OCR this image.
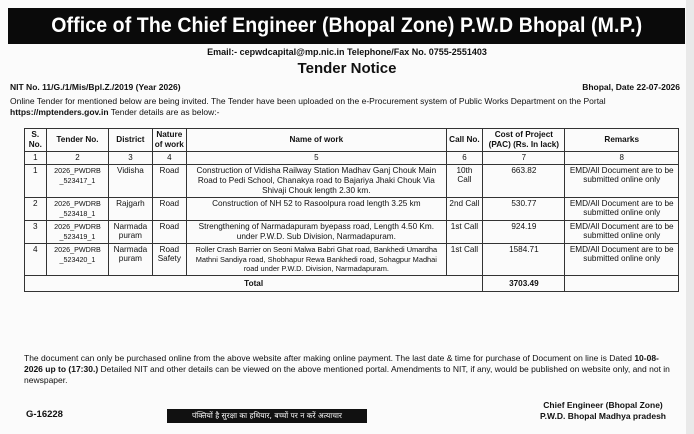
Office of The Chief Engineer (Bhopal Zone) P.W.D Bhopal (M.P.)
Email:- cepwdcapital@mp.nic.in Telephone/Fax No. 0755-2551403
Tender Notice
NIT No. 11/G./1/Mis/Bpl.Z./2019 (Year 2026)	Bhopal, Date 22-07-2026
Online Tender for mentioned below are being invited. The Tender have been uploaded on the e-Procurement system of Public Works Department on the Portal https://mptenders.gov.in Tender details are as below:-
S. No.	Tender No.	District	Nature of work	Name of work	Call No.	Cost of Project (PAC) (Rs. In lack)	Remarks
1	2	3	4	5	6	7	8
1	2026_PWDRB _523417_1	Vidisha	Road	Construction of Vidisha Railway Station Madhav Ganj Chouk Main Road to Pedi School, Chanakya road to Bajariya Jhaki Chouk Via Shivaji Chouk length 2.30 km.	10th Call	663.82	EMD/All Document are to be submitted online only
2	2026_PWDRB _523418_1	Rajgarh	Road	Construction of NH 52 to Rasoolpura road length 3.25 km	2nd Call	530.77	EMD/All Document are to be submitted online only
3	2026_PWDRB _523419_1	Narmada puram	Road	Strengthening of Narmadapuram byepass road, Length 4.50 Km. under P.W.D. Sub Division, Narmadapuram.	1st Call	924.19	EMD/All Document are to be submitted online only
4	2026_PWDRB _523420_1	Narmada puram	Road Safety	Roller Crash Barrier on Seoni Malwa Babri Ghat road, Bankhedi Umardha Mathni Sandiya road, Shobhapur Rewa Bankhedi road, Sohagpur Madhai road under P.W.D. Division, Narmadapuram.	1st Call	1584.71	EMD/All Document are to be submitted online only
Total						3703.49	
The document can only be purchased online from the above website after making online payment. The last date & time for purchase of Document on line is Dated 10-08-2026 up to (17:30.) Detailed NIT and other details can be viewed on the above mentioned portal. Amendments to NIT, if any, would be published on website only, and not in newspaper.
G-16228	पंक्तियों है सुरक्षा का हथियार, बच्चों पर न करें अत्याचार
Chief Engineer (Bhopal Zone)
P.W.D. Bhopal Madhya pradesh
